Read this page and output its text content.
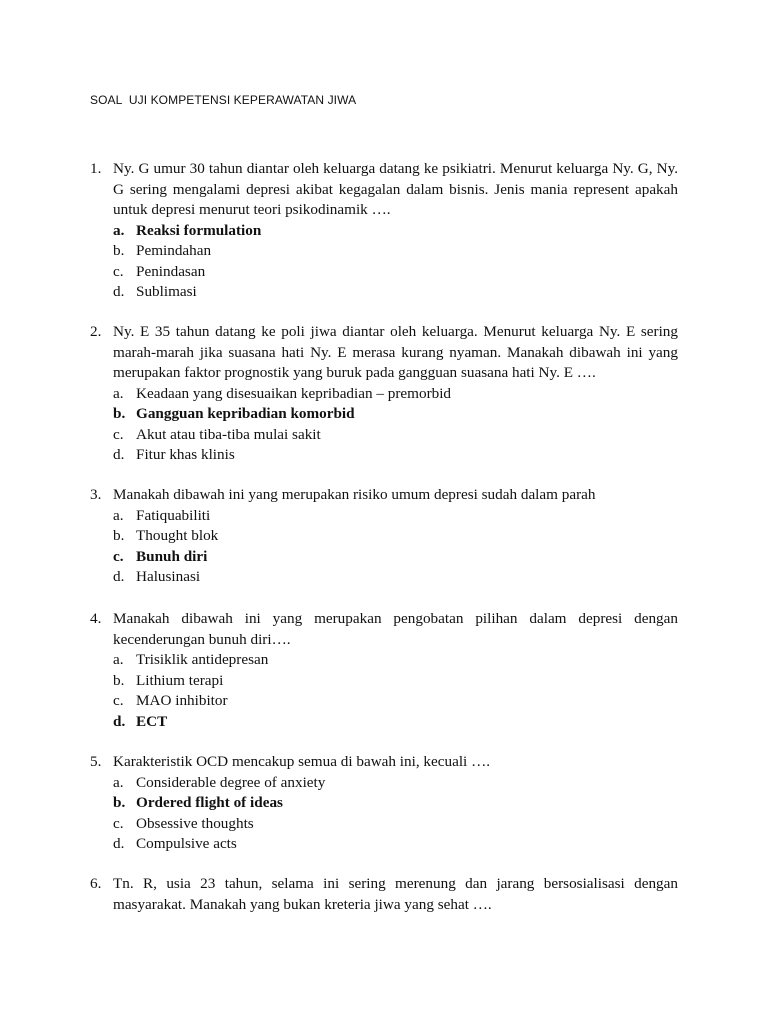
SOAL  UJI KOMPETENSI KEPERAWATAN JIWA
1. Ny. G umur 30 tahun diantar oleh keluarga datang ke psikiatri. Menurut keluarga Ny. G, Ny. G sering mengalami depresi akibat kegagalan dalam bisnis. Jenis mania represent apakah untuk depresi menurut teori psikodinamik ….
a. Reaksi formulation
b. Pemindahan
c. Penindasan
d. Sublimasi
2. Ny. E 35 tahun datang ke poli jiwa diantar oleh keluarga. Menurut keluarga Ny. E sering marah-marah jika suasana hati Ny. E merasa kurang nyaman. Manakah dibawah ini yang merupakan faktor prognostik yang buruk pada gangguan suasana hati Ny. E ….
a. Keadaan yang disesuaikan kepribadian – premorbid
b. Gangguan kepribadian komorbid
c. Akut atau tiba-tiba mulai sakit
d. Fitur khas klinis
3. Manakah dibawah ini yang merupakan risiko umum depresi sudah dalam parah
a. Fatiquabiliti
b. Thought blok
c. Bunuh diri
d. Halusinasi
4. Manakah dibawah ini yang merupakan pengobatan pilihan dalam depresi dengan kecenderungan bunuh diri….
a. Trisiklik antidepresan
b. Lithium terapi
c. MAO inhibitor
d. ECT
5. Karakteristik OCD mencakup semua di bawah ini, kecuali ….
a. Considerable degree of anxiety
b. Ordered flight of ideas
c. Obsessive thoughts
d. Compulsive acts
6. Tn. R, usia 23 tahun, selama ini sering merenung dan jarang bersosialisasi dengan masyarakat. Manakah yang bukan kreteria jiwa yang sehat ….
